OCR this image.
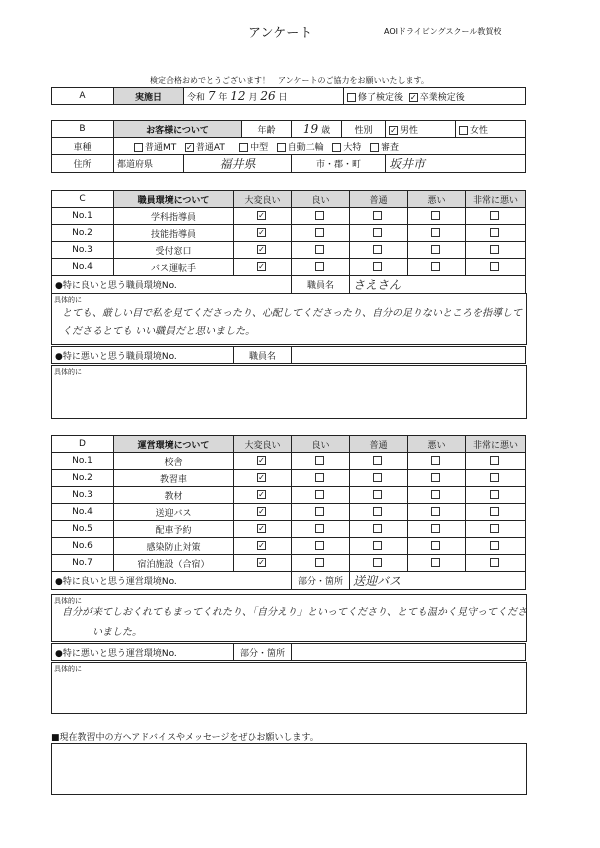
アンケート	AOIドライビングスクール教賀校
検定合格おめでとうございます！　アンケートのご協力をお願いいたします。
A	実施日	令和 7 年 12 月 26 日	修了検定後 ✓ 卒業検定後
B	お客様について		年齢	19 歳	性別	✓ 男性	女性
車種	普通MT ✓ 普通AT 中型 自動二輪 大特 審査						
住所	都道府県	福井県		市・郡・町		坂井市	
C	職員環境について	大変良い	良い	普通	悪い	非常に悪い
No.1	学科指導員	✓				
No.2	技能指導員	✓				
No.3	受付窓口	✓				
No.4	バス運転手	✓				
●特に良いと思う職員環境No.			職員名	さえさん		
具体的に
とても、厳しい目で私を見てくださったり、心配してくださったり、自分の足りないところを指導して
くださるとても いい職員だと思いました。
●特に悪いと思う職員環境No.	職員名	
具体的に
D	運営環境について	大変良い	良い	普通	悪い	非常に悪い
No.1	校舎	✓				
No.2	教習車	✓				
No.3	教材	✓				
No.4	送迎バス	✓				
No.5	配車予約	✓				
No.6	感染防止対策	✓				
No.7	宿泊施設（合宿）	✓				
●特に良いと思う運営環境No.			部分・箇所	送迎バス		
具体的に
自分が来てしおくれてもまってくれたり、「自分えり」といってくださり、とても温かく見守ってくださ
いました。
●特に悪いと思う運営環境No.	部分・箇所	
具体的に
■現在教習中の方へアドバイスやメッセージをぜひお願いします。
